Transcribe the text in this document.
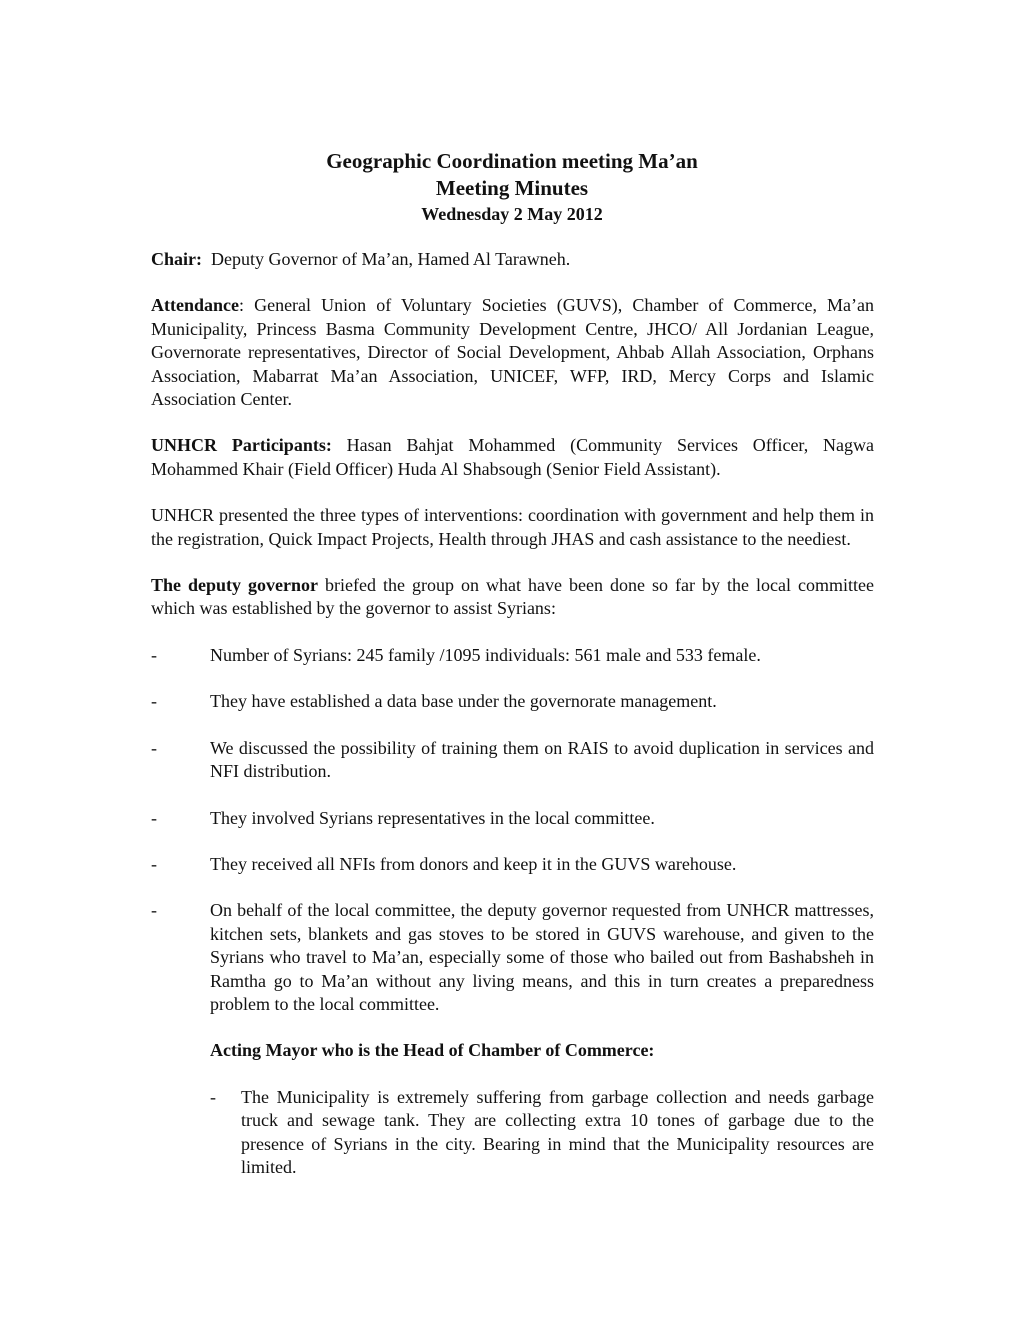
Geographic Coordination meeting Ma’an
Meeting Minutes
Wednesday 2 May 2012

Chair: Deputy Governor of Ma’an, Hamed Al Tarawneh.

Attendance: General Union of Voluntary Societies (GUVS), Chamber of Commerce, Ma’an Municipality, Princess Basma Community Development Centre, JHCO/ All Jordanian League, Governorate representatives, Director of Social Development, Ahbab Allah Association, Orphans Association, Mabarrat Ma’an Association, UNICEF, WFP, IRD, Mercy Corps and Islamic Association Center.

UNHCR Participants: Hasan Bahjat Mohammed (Community Services Officer, Nagwa Mohammed Khair (Field Officer) Huda Al Shabsough (Senior Field Assistant).

UNHCR presented the three types of interventions: coordination with government and help them in the registration, Quick Impact Projects, Health through JHAS and cash assistance to the neediest.

The deputy governor briefed the group on what have been done so far by the local committee which was established by the governor to assist Syrians:

-	Number of Syrians: 245 family /1095 individuals: 561 male and 533 female.

-	They have established a data base under the governorate management.

-	We discussed the possibility of training them on RAIS to avoid duplication in services and NFI distribution.

-	They involved Syrians representatives in the local committee.

-	They received all NFIs from donors and keep it in the GUVS warehouse.

-	On behalf of the local committee, the deputy governor requested from UNHCR mattresses, kitchen sets, blankets and gas stoves to be stored in GUVS warehouse, and given to the Syrians who travel to Ma’an, especially some of those who bailed out from Bashabsheh in Ramtha go to Ma’an without any living means, and this in turn creates a preparedness problem to the local committee.

Acting Mayor who is the Head of Chamber of Commerce:
- The Municipality is extremely suffering from garbage collection and needs garbage truck and sewage tank. They are collecting extra 10 tones of garbage due to the presence of Syrians in the city. Bearing in mind that the Municipality resources are limited.
